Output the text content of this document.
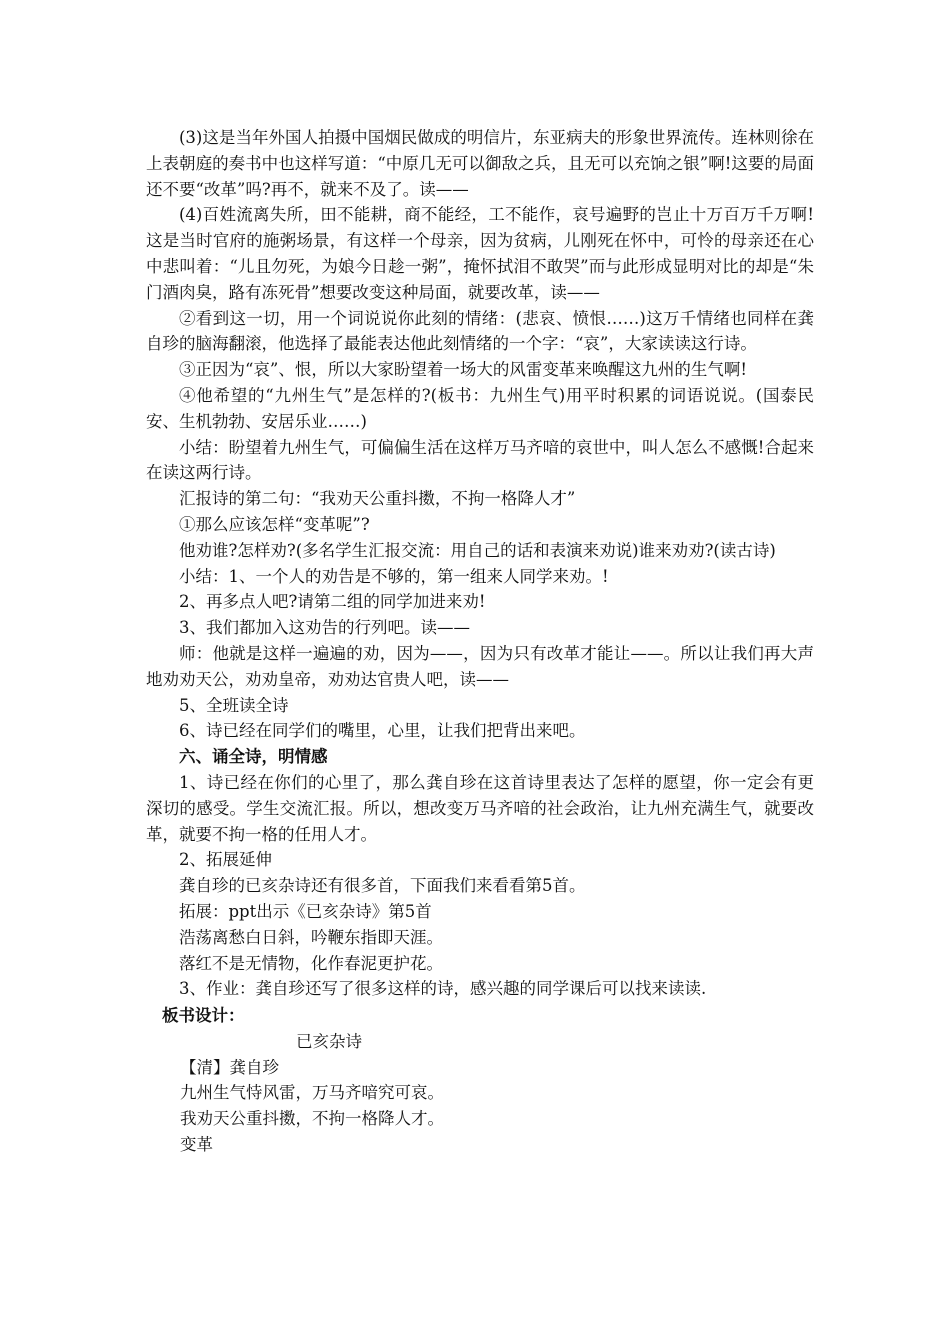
(3)这是当年外国人拍摄中国烟民做成的明信片，东亚病夫的形象世界流传。连林则徐在上表朝庭的奏书中也这样写道：“中原几无可以御敌之兵，且无可以充饷之银”啊!这要的局面还不要“改革”吗?再不，就来不及了。读——

(4)百姓流离失所，田不能耕，商不能经，工不能作，哀号遍野的岂止十万百万千万啊!这是当时官府的施粥场景，有这样一个母亲，因为贫病，儿刚死在怀中，可怜的母亲还在心中悲叫着：“儿且勿死，为娘今日趁一粥”，掩怀拭泪不敢哭”而与此形成显明对比的却是“朱门酒肉臭，路有冻死骨”想要改变这种局面，就要改革，读——

②看到这一切，用一个词说说你此刻的情绪：(悲哀、愤恨……)这万千情绪也同样在龚自珍的脑海翻滚，他选择了最能表达他此刻情绪的一个字：“哀”，大家读读这行诗。

③正因为“哀”、恨，所以大家盼望着一场大的风雷变革来唤醒这九州的生气啊!

④他希望的“九州生气”是怎样的?(板书：九州生气)用平时积累的词语说说。(国泰民安、生机勃勃、安居乐业……)

小结：盼望着九州生气，可偏偏生活在这样万马齐喑的哀世中，叫人怎么不感慨!合起来在读这两行诗。

汇报诗的第二句：“我劝天公重抖擞，不拘一格降人才”

①那么应该怎样“变革呢”?

他劝谁?怎样劝?(多名学生汇报交流：用自己的话和表演来劝说)谁来劝劝?(读古诗)

小结：1、一个人的劝告是不够的，第一组来人同学来劝。!

2、再多点人吧?请第二组的同学加进来劝!

3、我们都加入这劝告的行列吧。读——

师：他就是这样一遍遍的劝，因为——，因为只有改革才能让——。所以让我们再大声地劝劝天公，劝劝皇帝，劝劝达官贵人吧，读——

5、全班读全诗

6、诗已经在同学们的嘴里，心里，让我们把背出来吧。

六、诵全诗，明情感

1、诗已经在你们的心里了，那么龚自珍在这首诗里表达了怎样的愿望，你一定会有更深切的感受。学生交流汇报。所以，想改变万马齐喑的社会政治，让九州充满生气，就要改革，就要不拘一格的任用人才。

2、拓展延伸

龚自珍的已亥杂诗还有很多首，下面我们来看看第5首。

拓展：ppt出示《已亥杂诗》第5首

浩荡离愁白日斜，吟鞭东指即天涯。

落红不是无情物，化作春泥更护花。

3、作业：龚自珍还写了很多这样的诗，感兴趣的同学课后可以找来读读.

板书设计：

已亥杂诗

【清】龚自珍

九州生气恃风雷，万马齐喑究可哀。

我劝天公重抖擞，不拘一格降人才。

变革
